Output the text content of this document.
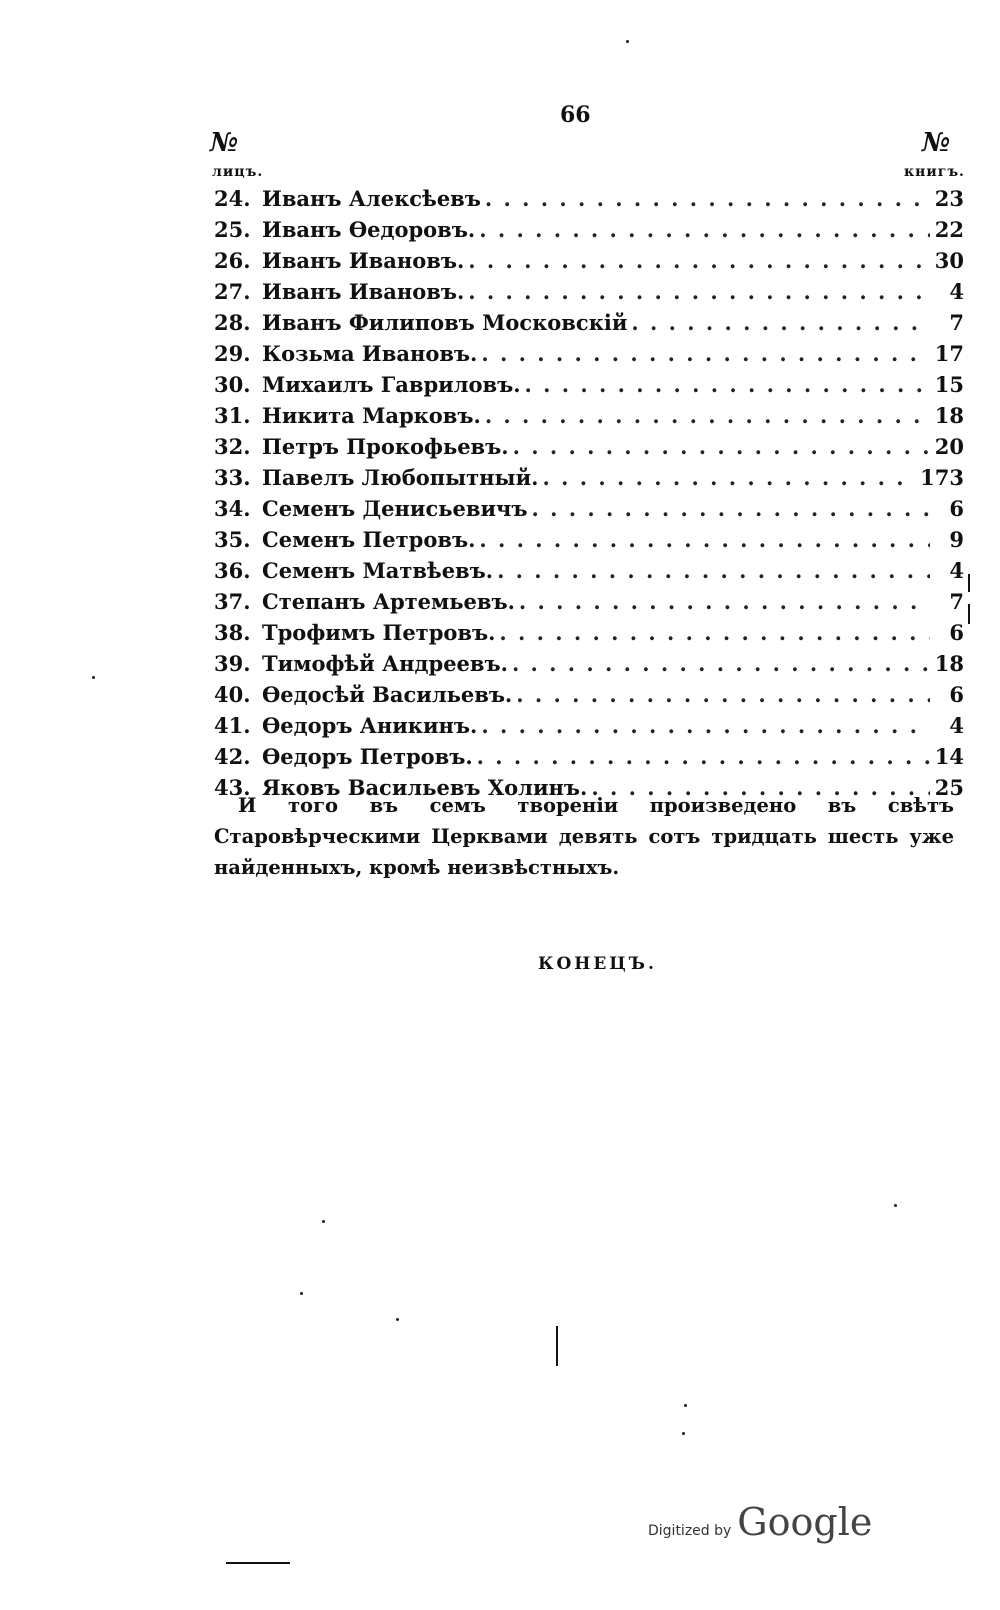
66
№	№
лицъ.	книгъ.
24. Иванъ Алексѣевъ . . .	23
25. Иванъ Ѳедоровъ. . . .	22
26. Иванъ Ивановъ. . . .	30
27. Иванъ Ивановъ. . . .	4
28. Иванъ Филиповъ Московскій . . .	7
29. Козьма Ивановъ. . . .	17
30. Михаилъ Гавриловъ. . . .	15
31. Никита Марковъ. . . .	18
32. Петръ Прокофьевъ. . . .	20
33. Павелъ Любопытный. . . .	173
34. Семенъ Денисьевичъ . . .	6
35. Семенъ Петровъ. . . .	9
36. Семенъ Матвѣевъ. . . .	4
37. Степанъ Артемьевъ. . . .	7
38. Трофимъ Петровъ. . . .	6
39. Тимофѣй Андреевъ. . . .	18
40. Ѳедосѣй Васильевъ. . . .	6
41. Ѳедоръ Аникинъ. . . .	4
42. Ѳедоръ Петровъ. . . .	14
43. Яковъ Васильевъ Холинъ. . . .	25
И того въ семъ твореніи произведено въ свѣтъ Старовѣрческими Церквами девять сотъ тридцать шесть уже найденныхъ, кромѣ неизвѣстныхъ.
КОНЕЦЪ.
Digitized by Google
